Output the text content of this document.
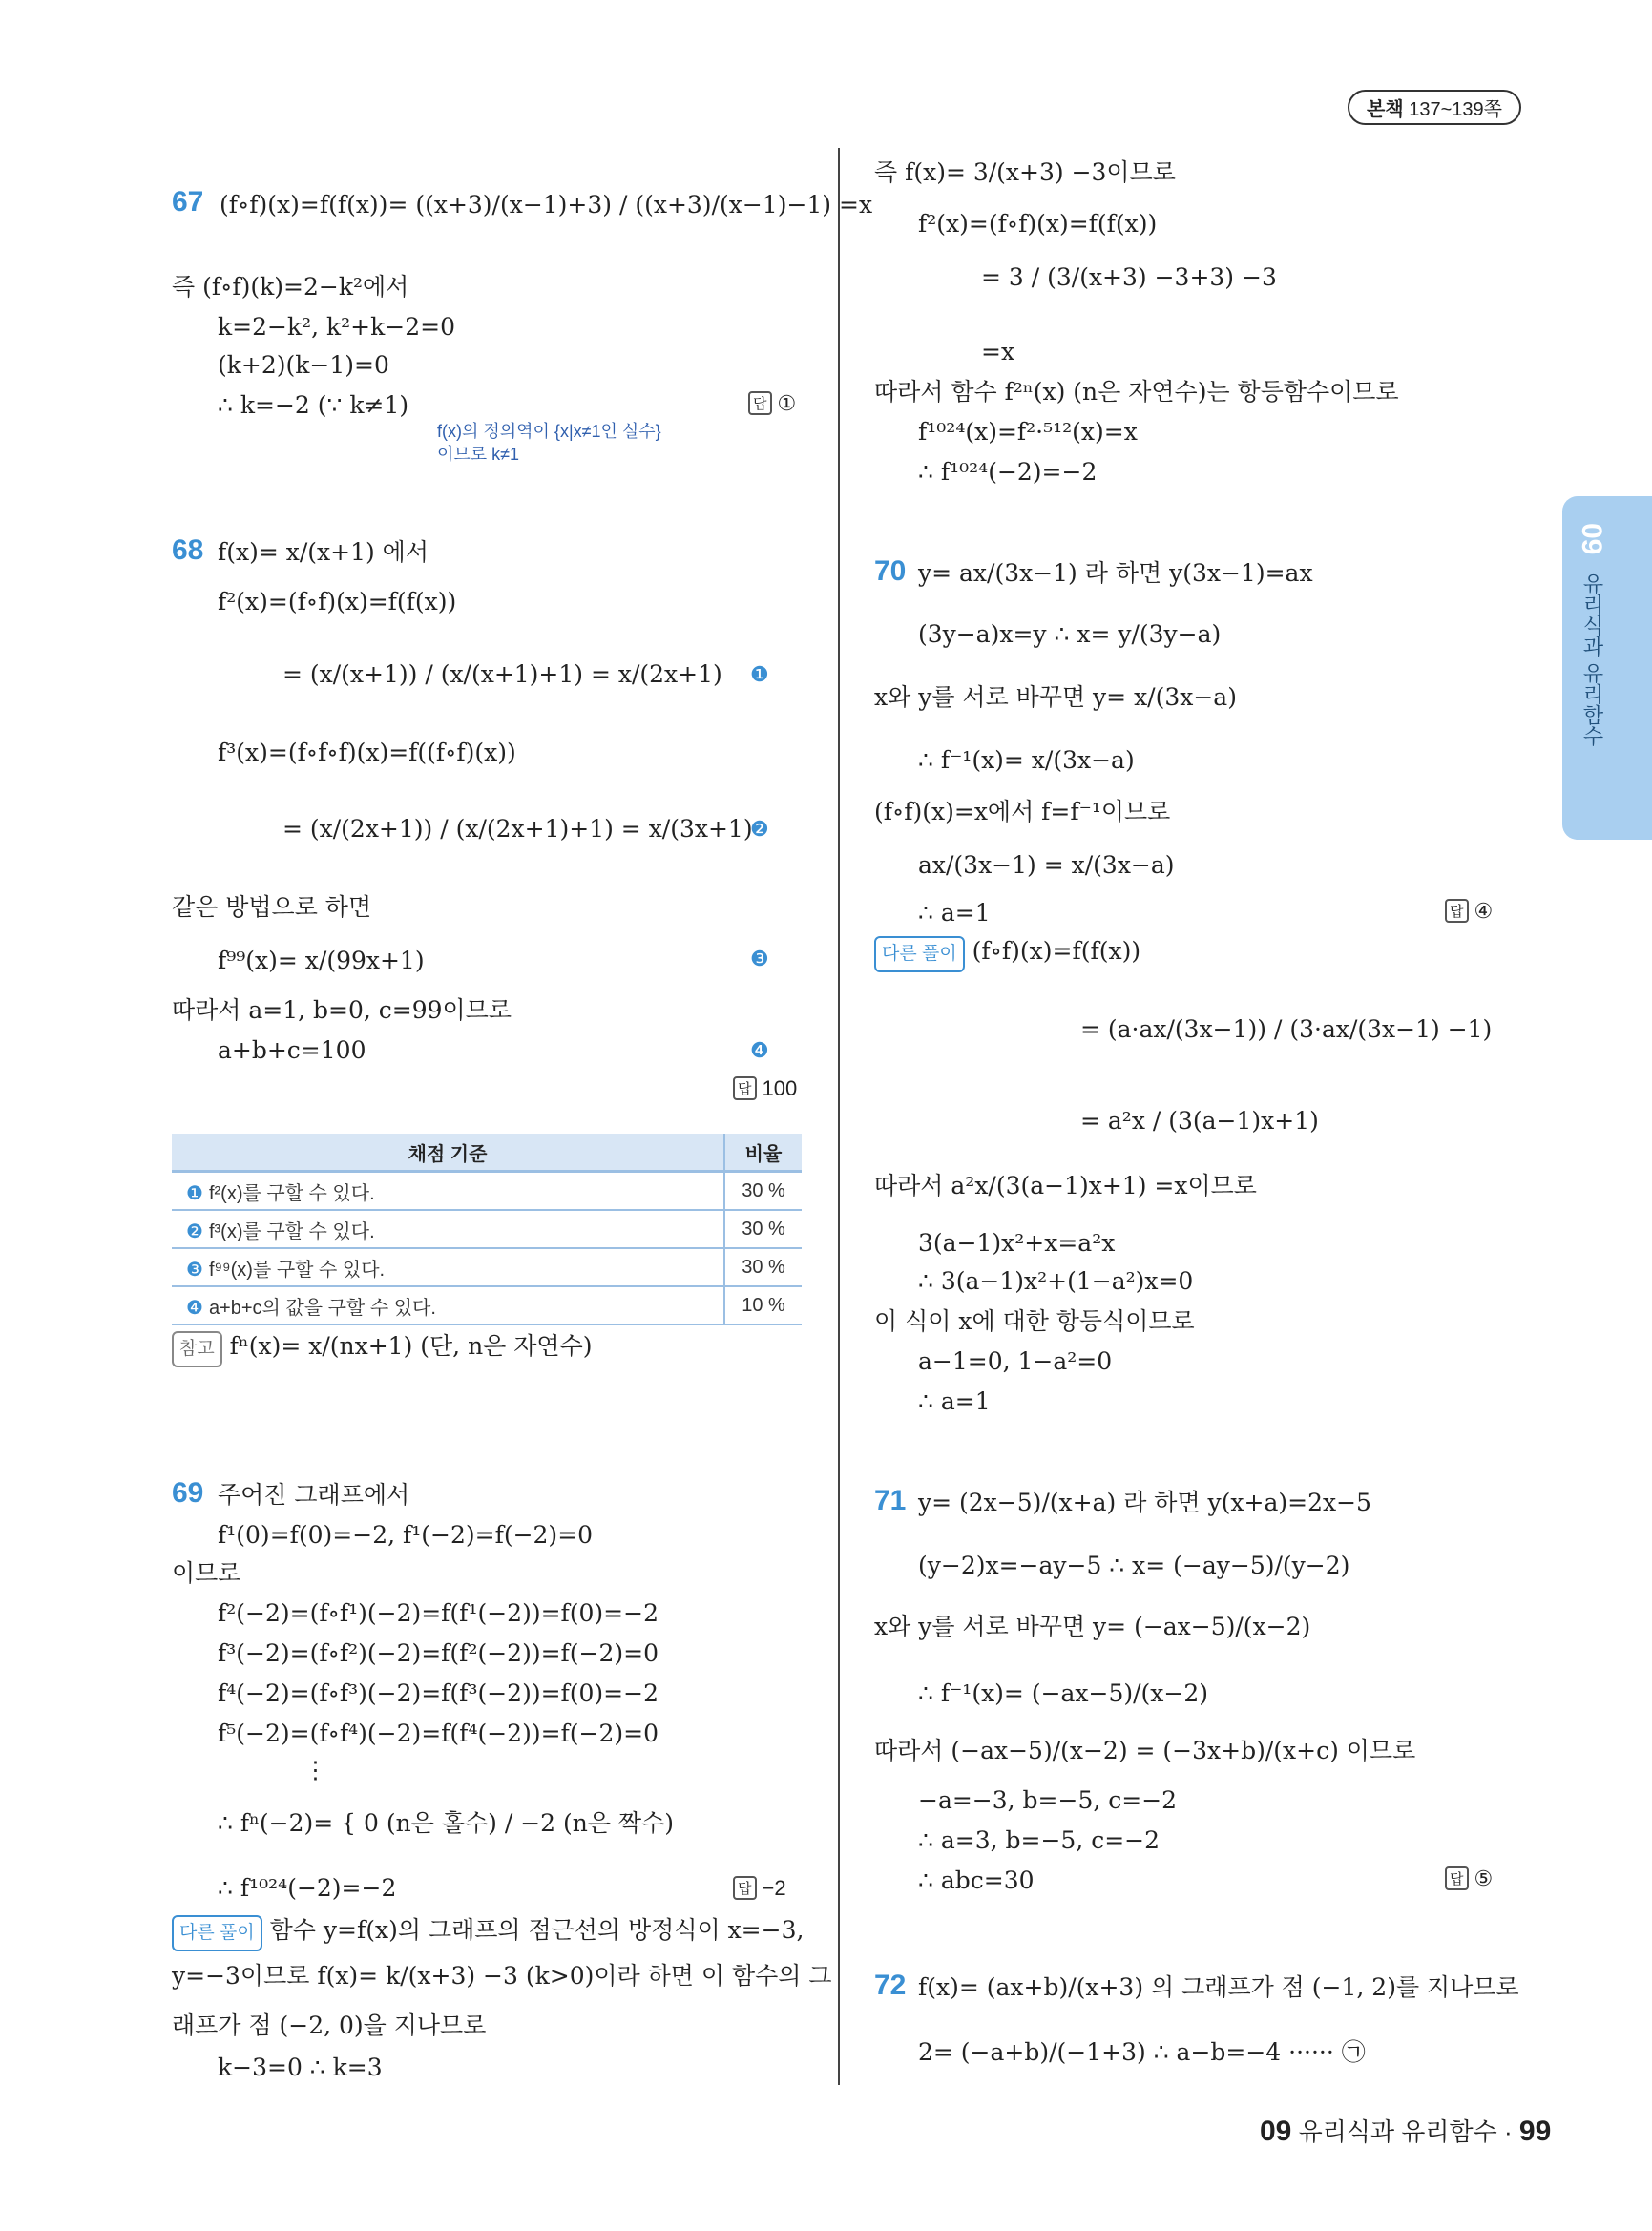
본책 137~139쪽
09
유리식과 유리함수
67 (f∘f)(x)=f(f(x))= ((x+3)/(x−1)+3) / ((x+3)/(x−1)−1) =x
즉 (f∘f)(k)=2−k²에서
k=2−k², k²+k−2=0
(k+2)(k−1)=0
∴ k=−2 (∵ k≠1)
f(x)의 정의역이 {x|x≠1인 실수}
이므로 k≠1
답 ①
68 f(x)= x/(x+1) 에서
f²(x)=(f∘f)(x)=f(f(x))
= (x/(x+1)) / (x/(x+1)+1) = x/(2x+1) ❶
f³(x)=(f∘f∘f)(x)=f((f∘f)(x))
= (x/(2x+1)) / (x/(2x+1)+1) = x/(3x+1)
❷
같은 방법으로 하면
f⁹⁹(x)= x/(99x+1)	❸
따라서 a=1, b=0, c=99이므로
a+b+c=100	❹
답 100
채점 기준	비율
❶ f²(x)를 구할 수 있다.	30 %
❷ f³(x)를 구할 수 있다.	30 %
❸ f⁹⁹(x)를 구할 수 있다.	30 %
❹ a+b+c의 값을 구할 수 있다.	10 %
참고 fⁿ(x)= x/(nx+1) (단, n은 자연수)
69 주어진 그래프에서
f¹(0)=f(0)=−2, f¹(−2)=f(−2)=0
이므로
f²(−2)=(f∘f¹)(−2)=f(f¹(−2))=f(0)=−2
f³(−2)=(f∘f²)(−2)=f(f²(−2))=f(−2)=0
f⁴(−2)=(f∘f³)(−2)=f(f³(−2))=f(0)=−2
f⁵(−2)=(f∘f⁴)(−2)=f(f⁴(−2))=f(−2)=0
⋮
∴ fⁿ(−2)= { 0 (n은 홀수) / −2 (n은 짝수)
∴ f¹⁰²⁴(−2)=−2	답 −2
다른 풀이 함수 y=f(x)의 그래프의 점근선의 방정식이 x=−3,
y=−3이므로 f(x)= k/(x+3) −3 (k>0)이라 하면 이 함수의 그
래프가 점 (−2, 0)을 지나므로
k−3=0 ∴ k=3
즉 f(x)= 3/(x+3) −3이므로
f²(x)=(f∘f)(x)=f(f(x))
= 3 / (3/(x+3) −3+3) −3
=x
따라서 함수 f²ⁿ(x) (n은 자연수)는 항등함수이므로
f¹⁰²⁴(x)=f²·⁵¹²(x)=x
∴ f¹⁰²⁴(−2)=−2
70 y= ax/(3x−1) 라 하면 y(3x−1)=ax
(3y−a)x=y ∴ x= y/(3y−a)
x와 y를 서로 바꾸면 y= x/(3x−a)
∴ f⁻¹(x)= x/(3x−a)
(f∘f)(x)=x에서 f=f⁻¹이므로
ax/(3x−1) = x/(3x−a)
∴ a=1	답 ④
다른 풀이 (f∘f)(x)=f(f(x))
= (a·ax/(3x−1)) / (3·ax/(3x−1) −1)
= a²x / (3(a−1)x+1)
따라서 a²x/(3(a−1)x+1) =x이므로
3(a−1)x²+x=a²x
∴ 3(a−1)x²+(1−a²)x=0
이 식이 x에 대한 항등식이므로
a−1=0, 1−a²=0
∴ a=1
71 y= (2x−5)/(x+a) 라 하면 y(x+a)=2x−5
(y−2)x=−ay−5 ∴ x= (−ay−5)/(y−2)
x와 y를 서로 바꾸면 y= (−ax−5)/(x−2)
∴ f⁻¹(x)= (−ax−5)/(x−2)
따라서 (−ax−5)/(x−2) = (−3x+b)/(x+c) 이므로
−a=−3, b=−5, c=−2
∴ a=3, b=−5, c=−2
∴ abc=30	답 ⑤
72 f(x)= (ax+b)/(x+3) 의 그래프가 점 (−1, 2)를 지나므로
2= (−a+b)/(−1+3) ∴ a−b=−4 ······ ㉠
09 유리식과 유리함수 · 99
